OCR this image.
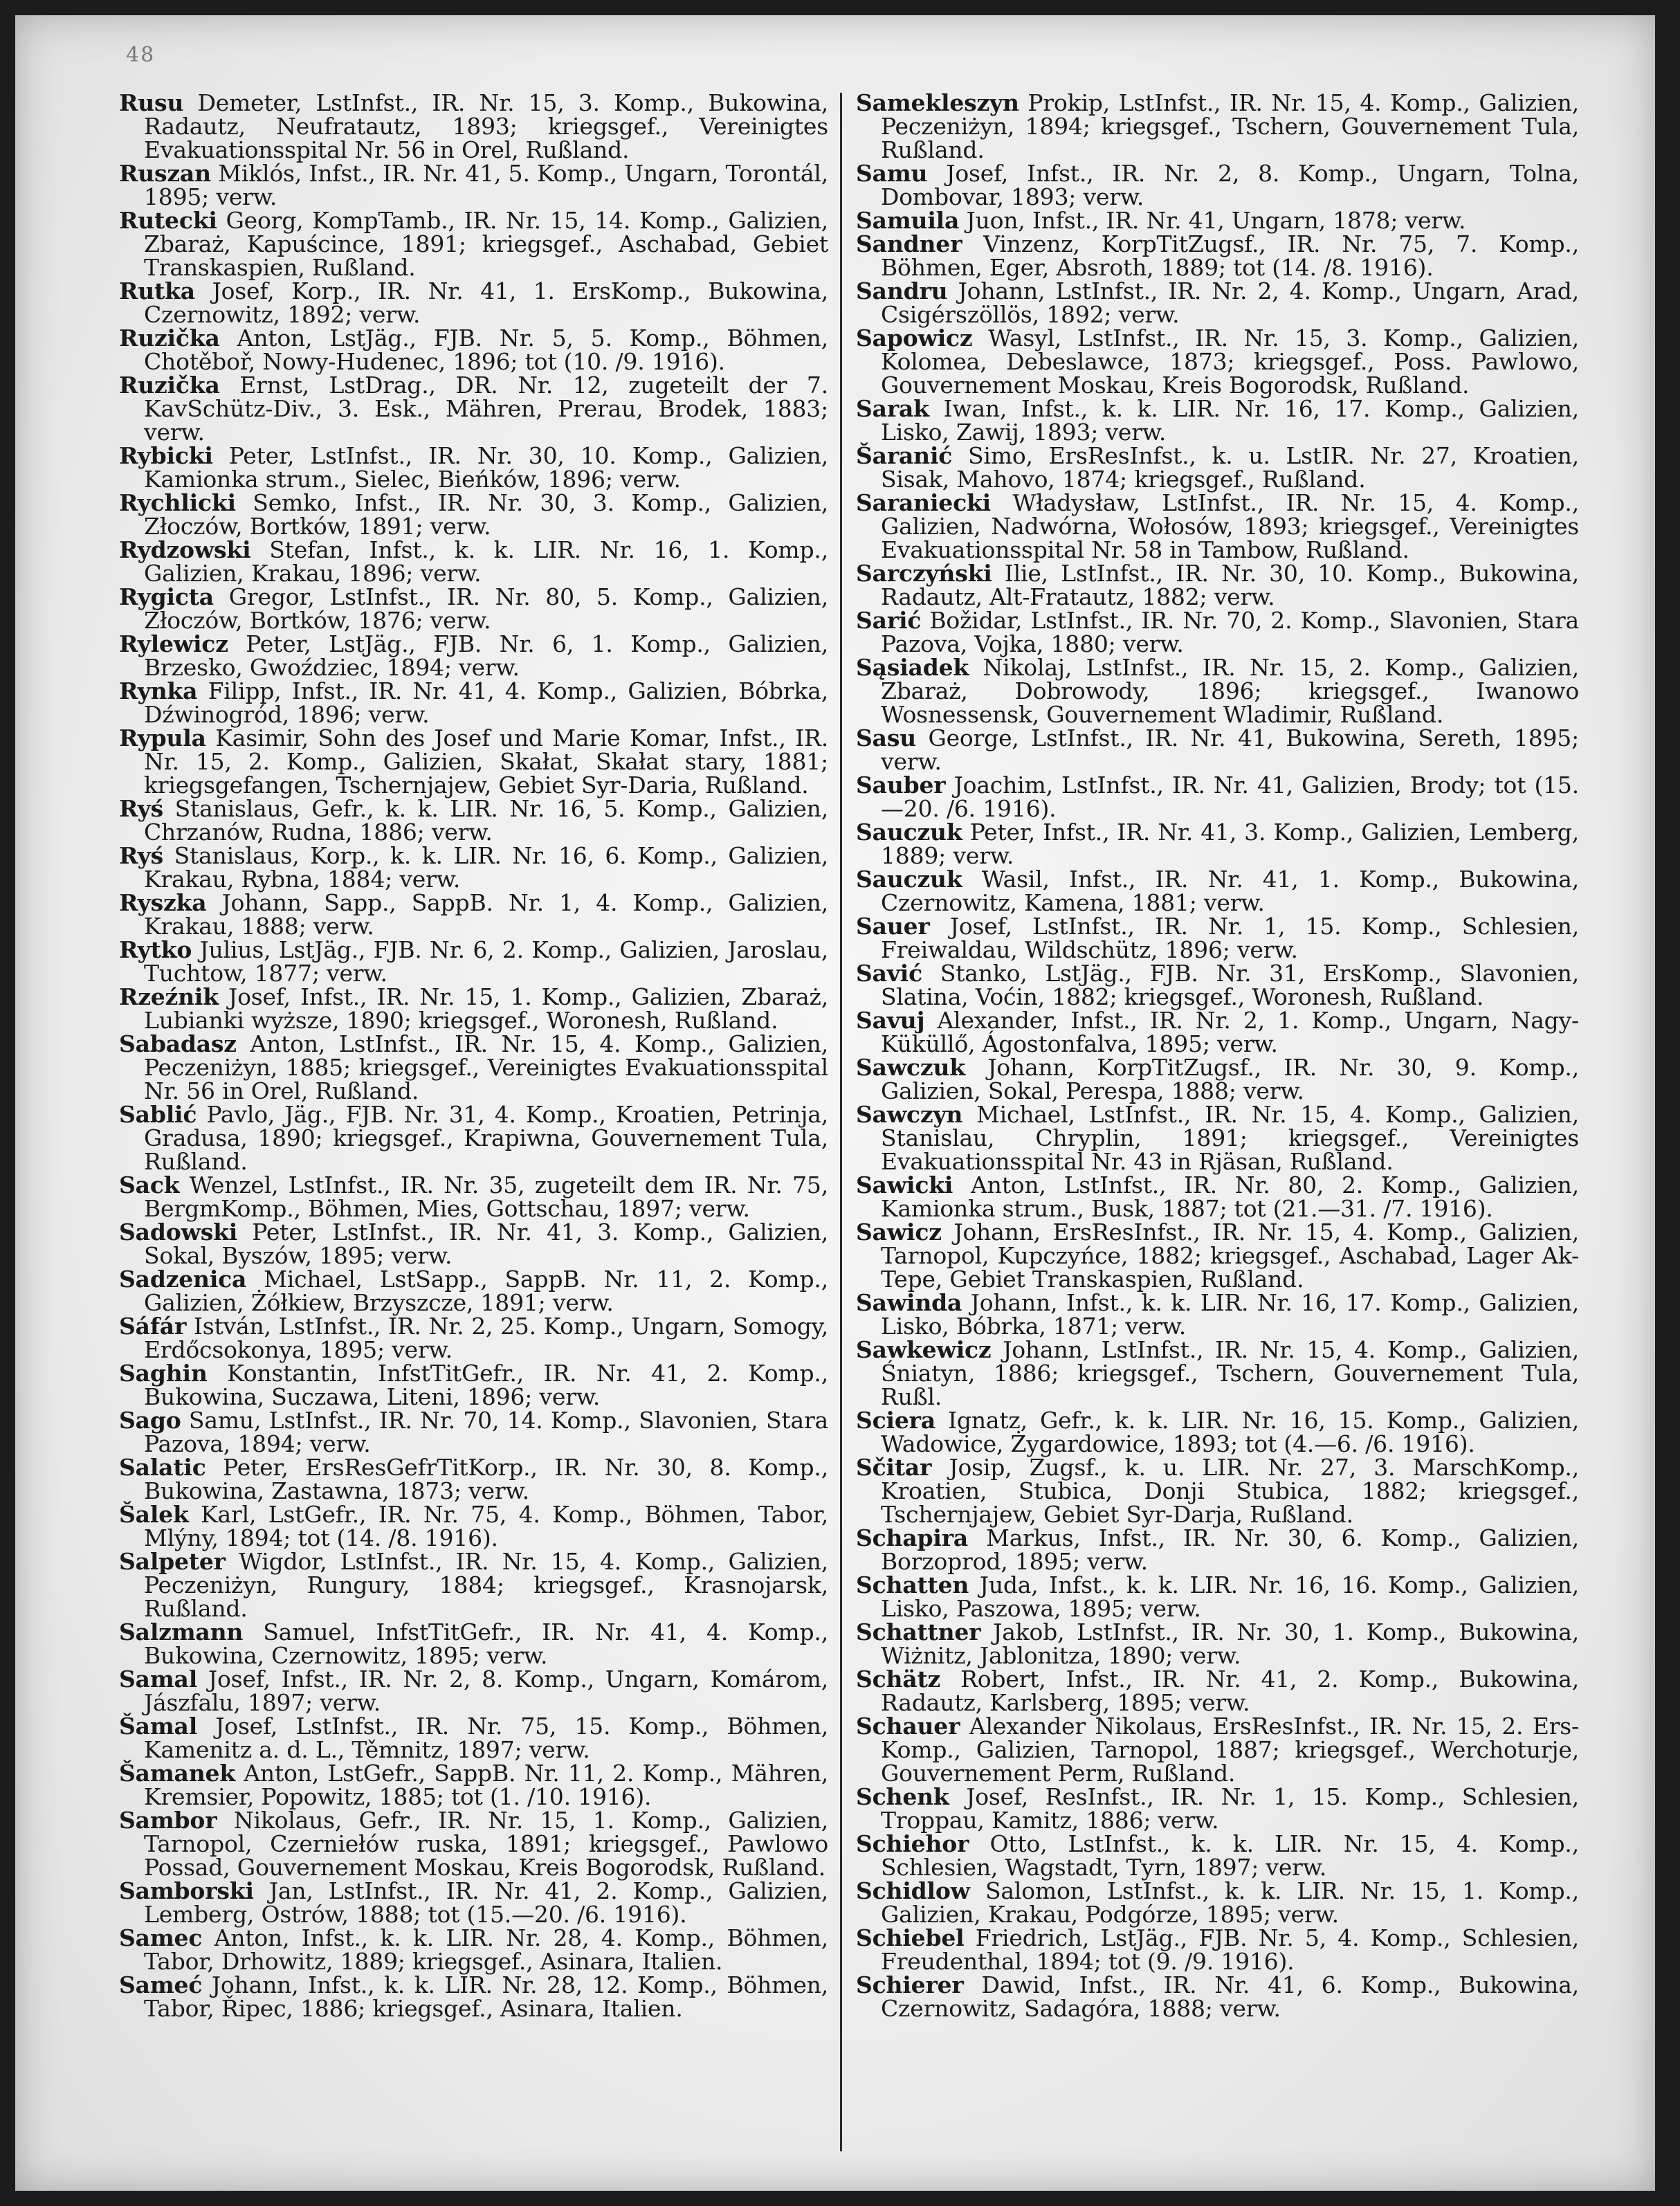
48

Rusu Demeter, LstInfst., IR. Nr. 15, 3. Komp., Bukowina, Radautz, Neufratautz, 1893; kriegsgef., Vereinigtes Evakuationsspital Nr. 56 in Orel, Rußland.

Ruszan Miklós, Infst., IR. Nr. 41, 5. Komp., Ungarn, Torontál, 1895; verw.

Rutecki Georg, KompTamb., IR. Nr. 15, 14. Komp., Galizien, Zbaraż, Kapuścince, 1891; kriegsgef., Aschabad, Gebiet Transkaspien, Rußland.

Rutka Josef, Korp., IR. Nr. 41, 1. ErsKomp., Bukowina, Czernowitz, 1892; verw.

Ruzička Anton, LstJäg., FJB. Nr. 5, 5. Komp., Böhmen, Chotěboř, Nowy-Hudenec, 1896; tot (10. /9. 1916).

Ruzička Ernst, LstDrag., DR. Nr. 12, zugeteilt der 7. KavSchütz-Div., 3. Esk., Mähren, Prerau, Brodek, 1883; verw.

Rybicki Peter, LstInfst., IR. Nr. 30, 10. Komp., Galizien, Kamionka strum., Sielec, Bieńków, 1896; verw.

Rychlicki Semko, Infst., IR. Nr. 30, 3. Komp., Galizien, Złoczów, Bortków, 1891; verw.

Rydzowski Stefan, Infst., k. k. LIR. Nr. 16, 1. Komp., Galizien, Krakau, 1896; verw.

Rygicta Gregor, LstInfst., IR. Nr. 80, 5. Komp., Galizien, Złoczów, Bortków, 1876; verw.

Rylewicz Peter, LstJäg., FJB. Nr. 6, 1. Komp., Galizien, Brzesko, Gwoździec, 1894; verw.

Rynka Filipp, Infst., IR. Nr. 41, 4. Komp., Galizien, Bóbrka, Dźwinogród, 1896; verw.

Rypula Kasimir, Sohn des Josef und Marie Komar, Infst., IR. Nr. 15, 2. Komp., Galizien, Skałat, Skałat stary, 1881; kriegsgefangen, Tschernjajew, Gebiet Syr-Daria, Rußland.

Ryś Stanislaus, Gefr., k. k. LIR. Nr. 16, 5. Komp., Galizien, Chrzanów, Rudna, 1886; verw.

Ryś Stanislaus, Korp., k. k. LIR. Nr. 16, 6. Komp., Galizien, Krakau, Rybna, 1884; verw.

Ryszka Johann, Sapp., SappB. Nr. 1, 4. Komp., Galizien, Krakau, 1888; verw.

Rytko Julius, LstJäg., FJB. Nr. 6, 2. Komp., Galizien, Jaroslau, Tuchtow, 1877; verw.

Rzeźnik Josef, Infst., IR. Nr. 15, 1. Komp., Galizien, Zbaraż, Lubianki wyższe, 1890; kriegsgef., Woronesh, Rußland.

Sabadasz Anton, LstInfst., IR. Nr. 15, 4. Komp., Galizien, Peczeniżyn, 1885; kriegsgef., Vereinigtes Evakuationsspital Nr. 56 in Orel, Rußland.

Sablić Pavlo, Jäg., FJB. Nr. 31, 4. Komp., Kroatien, Petrinja, Gradusa, 1890; kriegsgef., Krapiwna, Gouvernement Tula, Rußland.

Sack Wenzel, LstInfst., IR. Nr. 35, zugeteilt dem IR. Nr. 75, BergmKomp., Böhmen, Mies, Gottschau, 1897; verw.

Sadowski Peter, LstInfst., IR. Nr. 41, 3. Komp., Galizien, Sokal, Byszów, 1895; verw.

Sadzenica Michael, LstSapp., SappB. Nr. 11, 2. Komp., Galizien, Żółkiew, Brzyszcze, 1891; verw.

Sáfár István, LstInfst., IR. Nr. 2, 25. Komp., Ungarn, Somogy, Erdőcsokonya, 1895; verw.

Saghin Konstantin, InfstTitGefr., IR. Nr. 41, 2. Komp., Bukowina, Suczawa, Liteni, 1896; verw.

Sago Samu, LstInfst., IR. Nr. 70, 14. Komp., Slavonien, Stara Pazova, 1894; verw.

Salatic Peter, ErsResGefrTitKorp., IR. Nr. 30, 8. Komp., Bukowina, Zastawna, 1873; verw.

Šalek Karl, LstGefr., IR. Nr. 75, 4. Komp., Böhmen, Tabor, Mlýny, 1894; tot (14. /8. 1916).

Salpeter Wigdor, LstInfst., IR. Nr. 15, 4. Komp., Galizien, Peczeniżyn, Rungury, 1884; kriegsgef., Krasnojarsk, Rußland.

Salzmann Samuel, InfstTitGefr., IR. Nr. 41, 4. Komp., Bukowina, Czernowitz, 1895; verw.

Samal Josef, Infst., IR. Nr. 2, 8. Komp., Ungarn, Komárom, Jászfalu, 1897; verw.

Šamal Josef, LstInfst., IR. Nr. 75, 15. Komp., Böhmen, Kamenitz a. d. L., Těmnitz, 1897; verw.

Šamanek Anton, LstGefr., SappB. Nr. 11, 2. Komp., Mähren, Kremsier, Popowitz, 1885; tot (1. /10. 1916).

Sambor Nikolaus, Gefr., IR. Nr. 15, 1. Komp., Galizien, Tarnopol, Czerniełów ruska, 1891; kriegsgef., Pawlowo Possad, Gouvernement Moskau, Kreis Bogorodsk, Rußland.

Samborski Jan, LstInfst., IR. Nr. 41, 2. Komp., Galizien, Lemberg, Ostrów, 1888; tot (15.—20. /6. 1916).

Samec Anton, Infst., k. k. LIR. Nr. 28, 4. Komp., Böhmen, Tabor, Drhowitz, 1889; kriegsgef., Asinara, Italien.

Sameć Johann, Infst., k. k. LIR. Nr. 28, 12. Komp., Böhmen, Tabor, Řipec, 1886; kriegsgef., Asinara, Italien.

Samekleszyn Prokip, LstInfst., IR. Nr. 15, 4. Komp., Galizien, Peczeniżyn, 1894; kriegsgef., Tschern, Gouvernement Tula, Rußland.

Samu Josef, Infst., IR. Nr. 2, 8. Komp., Ungarn, Tolna, Dombovar, 1893; verw.

Samuila Juon, Infst., IR. Nr. 41, Ungarn, 1878; verw.

Sandner Vinzenz, KorpTitZugsf., IR. Nr. 75, 7. Komp., Böhmen, Eger, Absroth, 1889; tot (14. /8. 1916).

Sandru Johann, LstInfst., IR. Nr. 2, 4. Komp., Ungarn, Arad, Csigérszöllös, 1892; verw.

Sapowicz Wasyl, LstInfst., IR. Nr. 15, 3. Komp., Galizien, Kolomea, Debeslawce, 1873; kriegsgef., Poss. Pawlowo, Gouvernement Moskau, Kreis Bogorodsk, Rußland.

Sarak Iwan, Infst., k. k. LIR. Nr. 16, 17. Komp., Galizien, Lisko, Zawij, 1893; verw.

Šaranić Simo, ErsResInfst., k. u. LstIR. Nr. 27, Kroatien, Sisak, Mahovo, 1874; kriegsgef., Rußland.

Saraniecki Władysław, LstInfst., IR. Nr. 15, 4. Komp., Galizien, Nadwórna, Wołosów, 1893; kriegsgef., Vereinigtes Evakuationsspital Nr. 58 in Tambow, Rußland.

Sarczyński Ilie, LstInfst., IR. Nr. 30, 10. Komp., Bukowina, Radautz, Alt-Fratautz, 1882; verw.

Sarić Božidar, LstInfst., IR. Nr. 70, 2. Komp., Slavonien, Stara Pazova, Vojka, 1880; verw.

Sąsiadek Nikolaj, LstInfst., IR. Nr. 15, 2. Komp., Galizien, Zbaraż, Dobrowody, 1896; kriegsgef., Iwanowo Wosnessensk, Gouvernement Wladimir, Rußland.

Sasu George, LstInfst., IR. Nr. 41, Bukowina, Sereth, 1895; verw.

Sauber Joachim, LstInfst., IR. Nr. 41, Galizien, Brody; tot (15.—20. /6. 1916).

Sauczuk Peter, Infst., IR. Nr. 41, 3. Komp., Galizien, Lemberg, 1889; verw.

Sauczuk Wasil, Infst., IR. Nr. 41, 1. Komp., Bukowina, Czernowitz, Kamena, 1881; verw.

Sauer Josef, LstInfst., IR. Nr. 1, 15. Komp., Schlesien, Freiwaldau, Wildschütz, 1896; verw.

Savić Stanko, LstJäg., FJB. Nr. 31, ErsKomp., Slavonien, Slatina, Voćin, 1882; kriegsgef., Woronesh, Rußland.

Savuj Alexander, Infst., IR. Nr. 2, 1. Komp., Ungarn, Nagy-Küküllő, Ágostonfalva, 1895; verw.

Sawczuk Johann, KorpTitZugsf., IR. Nr. 30, 9. Komp., Galizien, Sokal, Perespa, 1888; verw.

Sawczyn Michael, LstInfst., IR. Nr. 15, 4. Komp., Galizien, Stanislau, Chryplin, 1891; kriegsgef., Vereinigtes Evakuationsspital Nr. 43 in Rjäsan, Rußland.

Sawicki Anton, LstInfst., IR. Nr. 80, 2. Komp., Galizien, Kamionka strum., Busk, 1887; tot (21.—31. /7. 1916).

Sawicz Johann, ErsResInfst., IR. Nr. 15, 4. Komp., Galizien, Tarnopol, Kupczyńce, 1882; kriegsgef., Aschabad, Lager Ak-Tepe, Gebiet Transkaspien, Rußland.

Sawinda Johann, Infst., k. k. LIR. Nr. 16, 17. Komp., Galizien, Lisko, Bóbrka, 1871; verw.

Sawkewicz Johann, LstInfst., IR. Nr. 15, 4. Komp., Galizien, Śniatyn, 1886; kriegsgef., Tschern, Gouvernement Tula, Rußl.

Sciera Ignatz, Gefr., k. k. LIR. Nr. 16, 15. Komp., Galizien, Wadowice, Żygardowice, 1893; tot (4.—6. /6. 1916).

Sčitar Josip, Zugsf., k. u. LIR. Nr. 27, 3. MarschKomp., Kroatien, Stubica, Donji Stubica, 1882; kriegsgef., Tschernjajew, Gebiet Syr-Darja, Rußland.

Schapira Markus, Infst., IR. Nr. 30, 6. Komp., Galizien, Borzoprod, 1895; verw.

Schatten Juda, Infst., k. k. LIR. Nr. 16, 16. Komp., Galizien, Lisko, Paszowa, 1895; verw.

Schattner Jakob, LstInfst., IR. Nr. 30, 1. Komp., Bukowina, Wiżnitz, Jablonitza, 1890; verw.

Schätz Robert, Infst., IR. Nr. 41, 2. Komp., Bukowina, Radautz, Karlsberg, 1895; verw.

Schauer Alexander Nikolaus, ErsResInfst., IR. Nr. 15, 2. Ers-Komp., Galizien, Tarnopol, 1887; kriegsgef., Werchoturje, Gouvernement Perm, Rußland.

Schenk Josef, ResInfst., IR. Nr. 1, 15. Komp., Schlesien, Troppau, Kamitz, 1886; verw.

Schiehor Otto, LstInfst., k. k. LIR. Nr. 15, 4. Komp., Schlesien, Wagstadt, Tyrn, 1897; verw.

Schidlow Salomon, LstInfst., k. k. LIR. Nr. 15, 1. Komp., Galizien, Krakau, Podgórze, 1895; verw.

Schiebel Friedrich, LstJäg., FJB. Nr. 5, 4. Komp., Schlesien, Freudenthal, 1894; tot (9. /9. 1916).

Schierer Dawid, Infst., IR. Nr. 41, 6. Komp., Bukowina, Czernowitz, Sadagóra, 1888; verw.
